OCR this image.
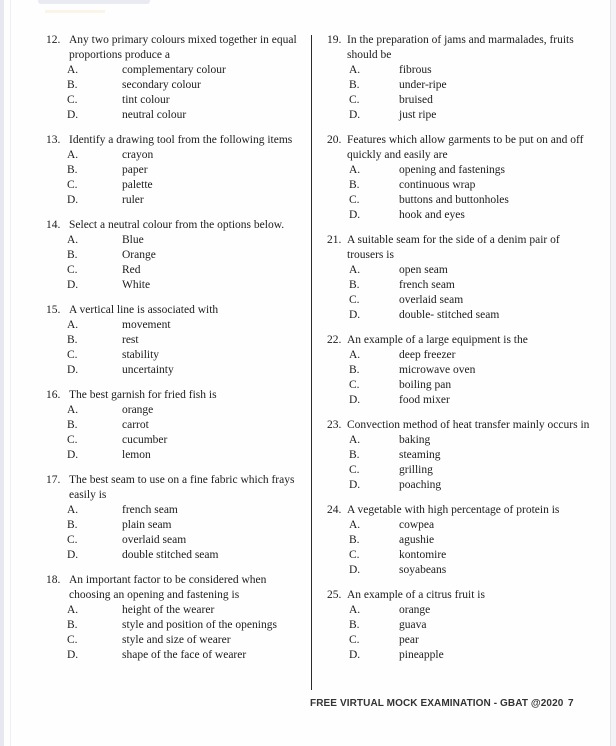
12. Any two primary colours mixed together in equal proportions produce a
A.	complementary colour
B.	secondary colour
C.	tint colour
D.	neutral colour
13. Identify a drawing tool from the following items
A.	crayon
B.	paper
C.	palette
D.	ruler
14. Select a neutral colour from the options below.
A.	Blue
B.	Orange
C.	Red
D.	White
15. A vertical line is associated with
A.	movement
B.	rest
C.	stability
D.	uncertainty
16. The best garnish for fried fish is
A.	orange
B.	carrot
C.	cucumber
D.	lemon
17. The best seam to use on a fine fabric which frays easily is
A.	french seam
B.	plain seam
C.	overlaid seam
D.	double stitched seam
18. An important factor to be considered when choosing an opening and fastening is
A.	height of the wearer
B.	style and position of the openings
C.	style and size of wearer
D.	shape of the face of wearer
19. In the preparation of jams and marmalades, fruits should be
A.	fibrous
B.	under-ripe
C.	bruised
D.	just ripe
20. Features which allow garments to be put on and off quickly and easily are
A.	opening and fastenings
B.	continuous wrap
C.	buttons and buttonholes
D.	hook and eyes
21. A suitable seam for the side of a denim pair of trousers is
A.	open seam
B.	french seam
C.	overlaid seam
D.	double- stitched seam
22. An example of a large equipment is the
A.	deep freezer
B.	microwave oven
C.	boiling pan
D.	food mixer
23. Convection method of heat transfer mainly occurs in
A.	baking
B.	steaming
C.	grilling
D.	poaching
24. A vegetable with high percentage of protein is
A.	cowpea
B.	agushie
C.	kontomire
D.	soyabeans
25. An example of a citrus fruit is
A.	orange
B.	guava
C.	pear
D.	pineapple
FREE VIRTUAL MOCK EXAMINATION - GBAT @2020 7
